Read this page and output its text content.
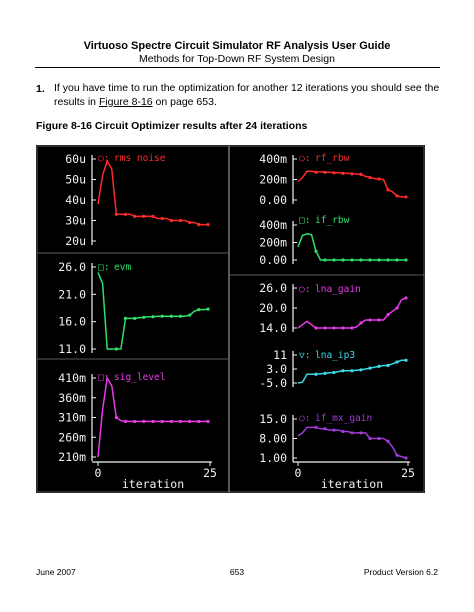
Virtuoso Spectre Circuit Simulator RF Analysis User Guide
Methods for Top-Down RF System Design
1. If you have time to run the optimization for another 12 iterations you should see the results in Figure 8-16 on page 653.
Figure 8-16 Circuit Optimizer results after 24 iterations
60u
50u
40u
30u
20u
○: rms noise
26.0
21.0
16.0
11.0
□: evm
410m
360m
310m
260m
210m
□: sig_level
0	25
iteration
400m
200m
0.00
○: rf_rbw
400m
200m
0.00
□: if_rbw
26.0
20.0
14.0
○: lna_gain
11
3.0
-5.0
▽: lna_ip3
15.0
8.00
1.00
○: if_mx_gain
0	25
iteration
June 2007	653	Product Version 6.2
